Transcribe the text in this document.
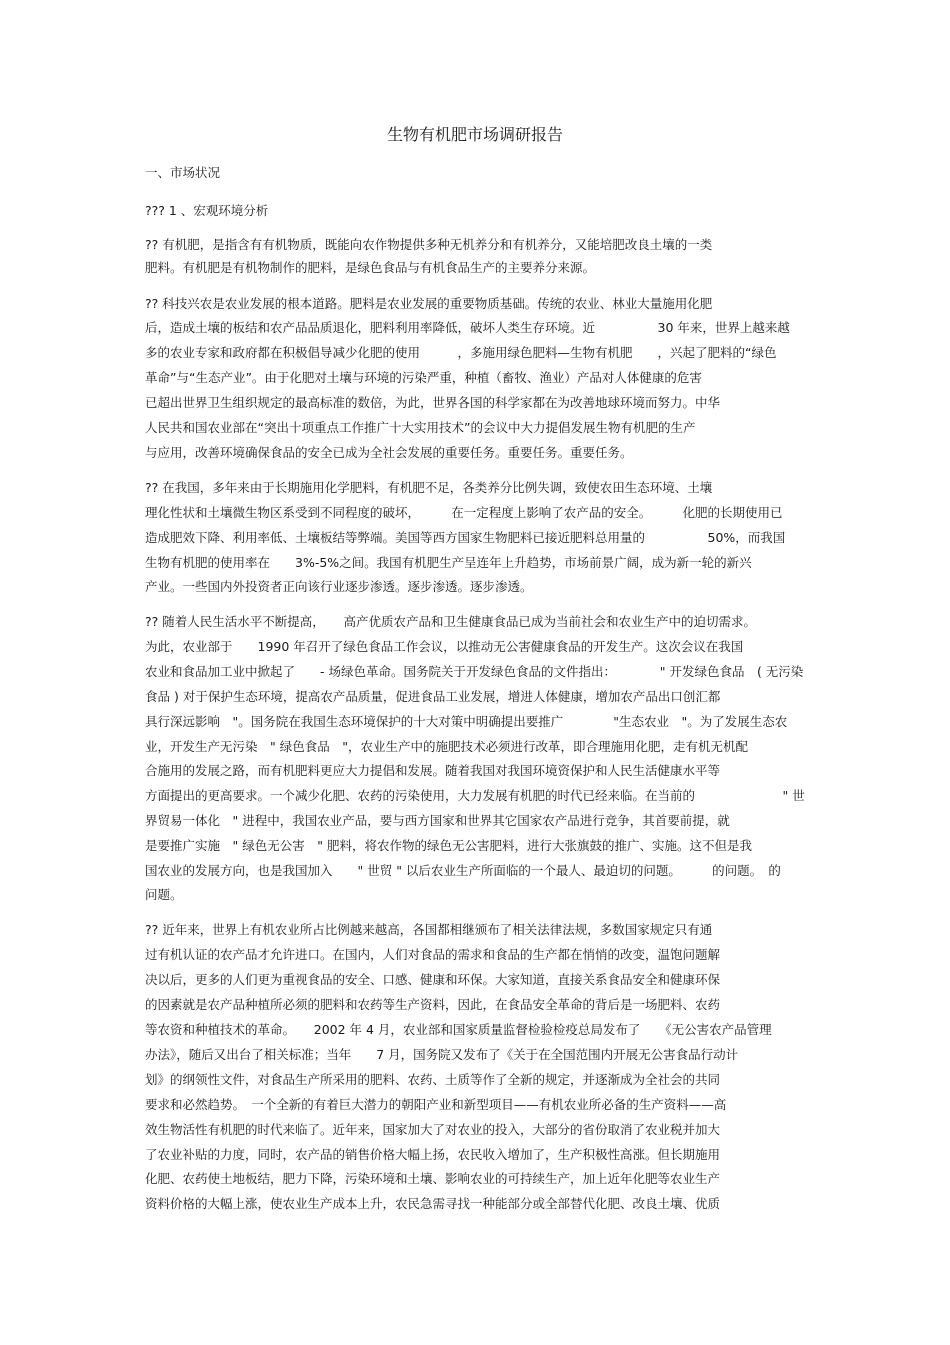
生物有机肥市场调研报告
一、市场状况
??? 1 、宏观环境分析
?? 有机肥，是指含有有机物质，既能向农作物提供多种无机养分和有机养分，又能培肥改良土壤的一类
肥料。有机肥是有机物制作的肥料，是绿色食品与有机食品生产的主要养分来源。
?? 科技兴农是农业发展的根本道路。肥料是农业发展的重要物质基础。传统的农业、林业大量施用化肥
后，造成土壤的板结和农产品品质退化，肥料利用率降低，破坏人类生存环境。近　　　　　30 年来，世界上越来越
多的农业专家和政府都在积极倡导减少化肥的使用　　　，多施用绿色肥料—生物有机肥　　，兴起了肥料的“绿色
革命”与“生态产业”。由于化肥对土壤与环境的污染严重，种植（畜牧、渔业）产品对人体健康的危害
已超出世界卫生组织规定的最高标准的数倍，为此，世界各国的科学家都在为改善地球环境而努力。中华
人民共和国农业部在“突出十项重点工作推广十大实用技术”的会议中大力提倡发展生物有机肥的生产
与应用，改善环境确保食品的安全已成为全社会发展的重要任务。重要任务。重要任务。
?? 在我国，多年来由于长期施用化学肥料，有机肥不足，各类养分比例失调，致使农田生态环境、土壤
理化性状和土壤微生物区系受到不同程度的破坏，　　　在一定程度上影响了农产品的安全。　　　化肥的长期使用已
造成肥效下降、利用率低、土壤板结等弊端。美国等西方国家生物肥料已接近肥料总用量的　　　　　50%，而我国
生物有机肥的使用率在　　3%-5%之间。我国有机肥生产呈连年上升趋势，市场前景广阔，成为新一轮的新兴
产业。一些国内外投资者正向该行业逐步渗透。逐步渗透。逐步渗透。
?? 随着人民生活水平不断提高，　　高产优质农产品和卫生健康食品已成为当前社会和农业生产中的迫切需求。
为此，农业部于　　1990 年召开了绿色食品工作会议，以推动无公害健康食品的开发生产。这次会议在我国
农业和食品加工业中掀起了　　- 场绿色革命。国务院关于开发绿色食品的文件指出：　　　　" 开发绿色食品　( 无污染
食品 ) 对于保护生态环境，提高农产品质量，促进食品工业发展，增进人体健康，增加农产品出口创汇都
具行深远影响　"。国务院在我国生态环境保护的十大对策中明确提出要推广　　　　"生态农业　"。为了发展生态农
业，开发生产无污染　" 绿色食品　"，农业生产中的施肥技术必须进行改革，即合理施用化肥，走有机无机配
合施用的发展之路，而有机肥料更应大力提倡和发展。随着我国对我国环境资保护和人民生活健康水平等
方面提出的更高要求。一个减少化肥、农药的污染使用，大力发展有机肥的时代已经来临。在当前的　　　　　　　" 世
界贸易一体化　" 进程中，我国农业产品，要与西方国家和世界其它国家农产品进行竞争，其首要前提，就
是要推广实施　" 绿色无公害　" 肥料，将农作物的绿色无公害肥料，进行大张旗鼓的推广、实施。这不但是我
国农业的发展方向，也是我国加入　　" 世贸 " 以后农业生产所面临的一个最人、最迫切的问题。　　　的问题。　的
问题。
?? 近年来，世界上有机农业所占比例越来越高，各国都相继颁布了相关法律法规，多数国家规定只有通
过有机认证的农产品才允许进口。在国内，人们对食品的需求和食品的生产都在悄悄的改变，温饱问题解
决以后，更多的人们更为重视食品的安全、口感、健康和环保。大家知道，直接关系食品安全和健康环保
的因素就是农产品种植所必须的肥料和农药等生产资料，因此，在食品安全革命的背后是一场肥料、农药
等农资和种植技术的革命。　　2002 年 4 月，农业部和国家质量监督检验检疫总局发布了　　《无公害农产品管理
办法》，随后又出台了相关标准；当年　　7 月，国务院又发布了《关于在全国范围内开展无公害食品行动计
划》的纲领性文件，对食品生产所采用的肥料、农药、土质等作了全新的规定，并逐渐成为全社会的共同
要求和必然趋势。　一个全新的有着巨大潜力的朝阳产业和新型项目——有机农业所必备的生产资料——高
效生物活性有机肥的时代来临了。近年来，国家加大了对农业的投入，大部分的省份取消了农业税并加大
了农业补贴的力度，同时，农产品的销售价格大幅上扬，农民收入增加了，生产积极性高涨。但长期施用
化肥、农药使土地板结，肥力下降，污染环境和土壤、影响农业的可持续生产，加上近年化肥等农业生产
资料价格的大幅上涨，使农业生产成本上升，农民急需寻找一种能部分或全部替代化肥、改良土壤、优质
